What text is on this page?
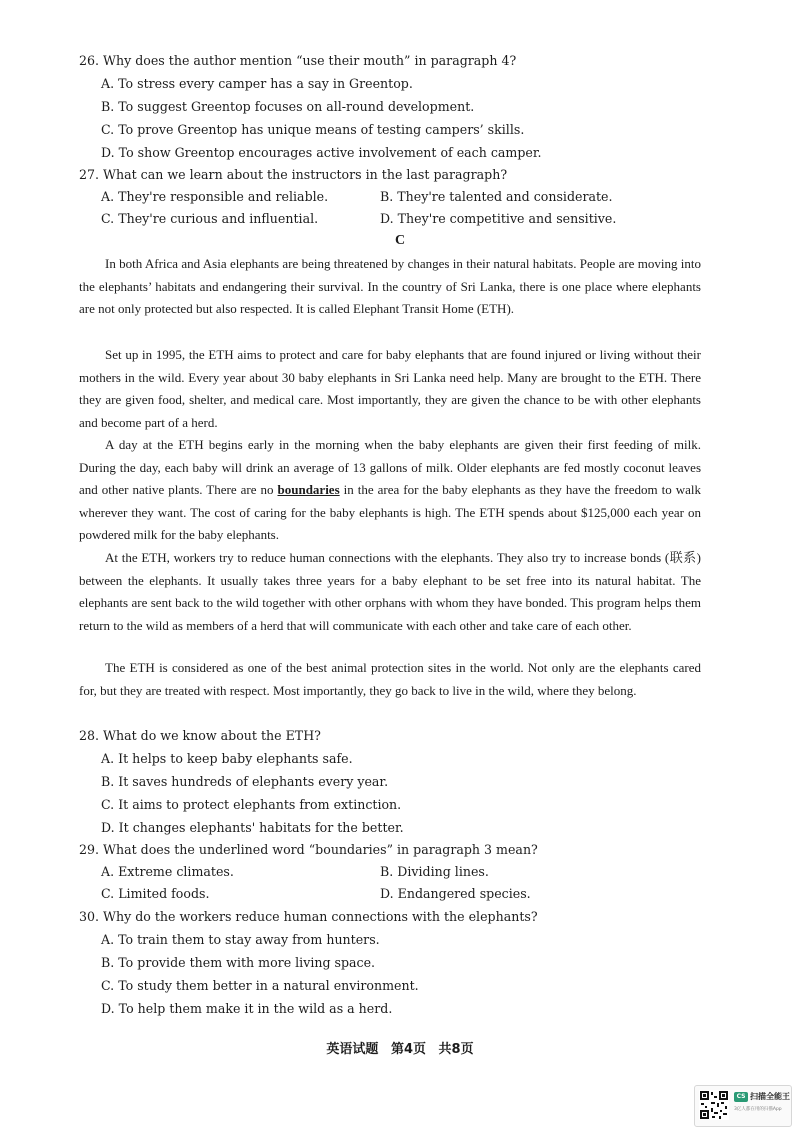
26. Why does the author mention “use their mouth” in paragraph 4?
A. To stress every camper has a say in Greentop.
B. To suggest Greentop focuses on all-round development.
C. To prove Greentop has unique means of testing campers’ skills.
D. To show Greentop encourages active involvement of each camper.
27. What can we learn about the instructors in the last paragraph?
A. They're responsible and reliable.	B. They're talented and considerate.
C. They're curious and influential.	D. They're competitive and sensitive.
C
In both Africa and Asia elephants are being threatened by changes in their natural habitats. People are moving into the elephants’ habitats and endangering their survival. In the country of Sri Lanka, there is one place where elephants are not only protected but also respected. It is called Elephant Transit Home (ETH).
Set up in 1995, the ETH aims to protect and care for baby elephants that are found injured or living without their mothers in the wild. Every year about 30 baby elephants in Sri Lanka need help. Many are brought to the ETH. There they are given food, shelter, and medical care. Most importantly, they are given the chance to be with other elephants and become part of a herd.
A day at the ETH begins early in the morning when the baby elephants are given their first feeding of milk. During the day, each baby will drink an average of 13 gallons of milk. Older elephants are fed mostly coconut leaves and other native plants. There are no boundaries in the area for the baby elephants as they have the freedom to walk wherever they want. The cost of caring for the baby elephants is high. The ETH spends about $125,000 each year on powdered milk for the baby elephants.
At the ETH, workers try to reduce human connections with the elephants. They also try to increase bonds (联系) between the elephants. It usually takes three years for a baby elephant to be set free into its natural habitat. The elephants are sent back to the wild together with other orphans with whom they have bonded. This program helps them return to the wild as members of a herd that will communicate with each other and take care of each other.
The ETH is considered as one of the best animal protection sites in the world. Not only are the elephants cared for, but they are treated with respect. Most importantly, they go back to live in the wild, where they belong.
28. What do we know about the ETH?
A. It helps to keep baby elephants safe.
B. It saves hundreds of elephants every year.
C. It aims to protect elephants from extinction.
D. It changes elephants' habitats for the better.
29. What does the underlined word “boundaries” in paragraph 3 mean?
A. Extreme climates.	B. Dividing lines.
C. Limited foods.	D. Endangered species.
30. Why do the workers reduce human connections with the elephants?
A. To train them to stay away from hunters.
B. To provide them with more living space.
C. To study them better in a natural environment.
D. To help them make it in the wild as a herd.
英语试题 第4页 共8页
CS 扫描全能王
3亿人都在用的扫描App
